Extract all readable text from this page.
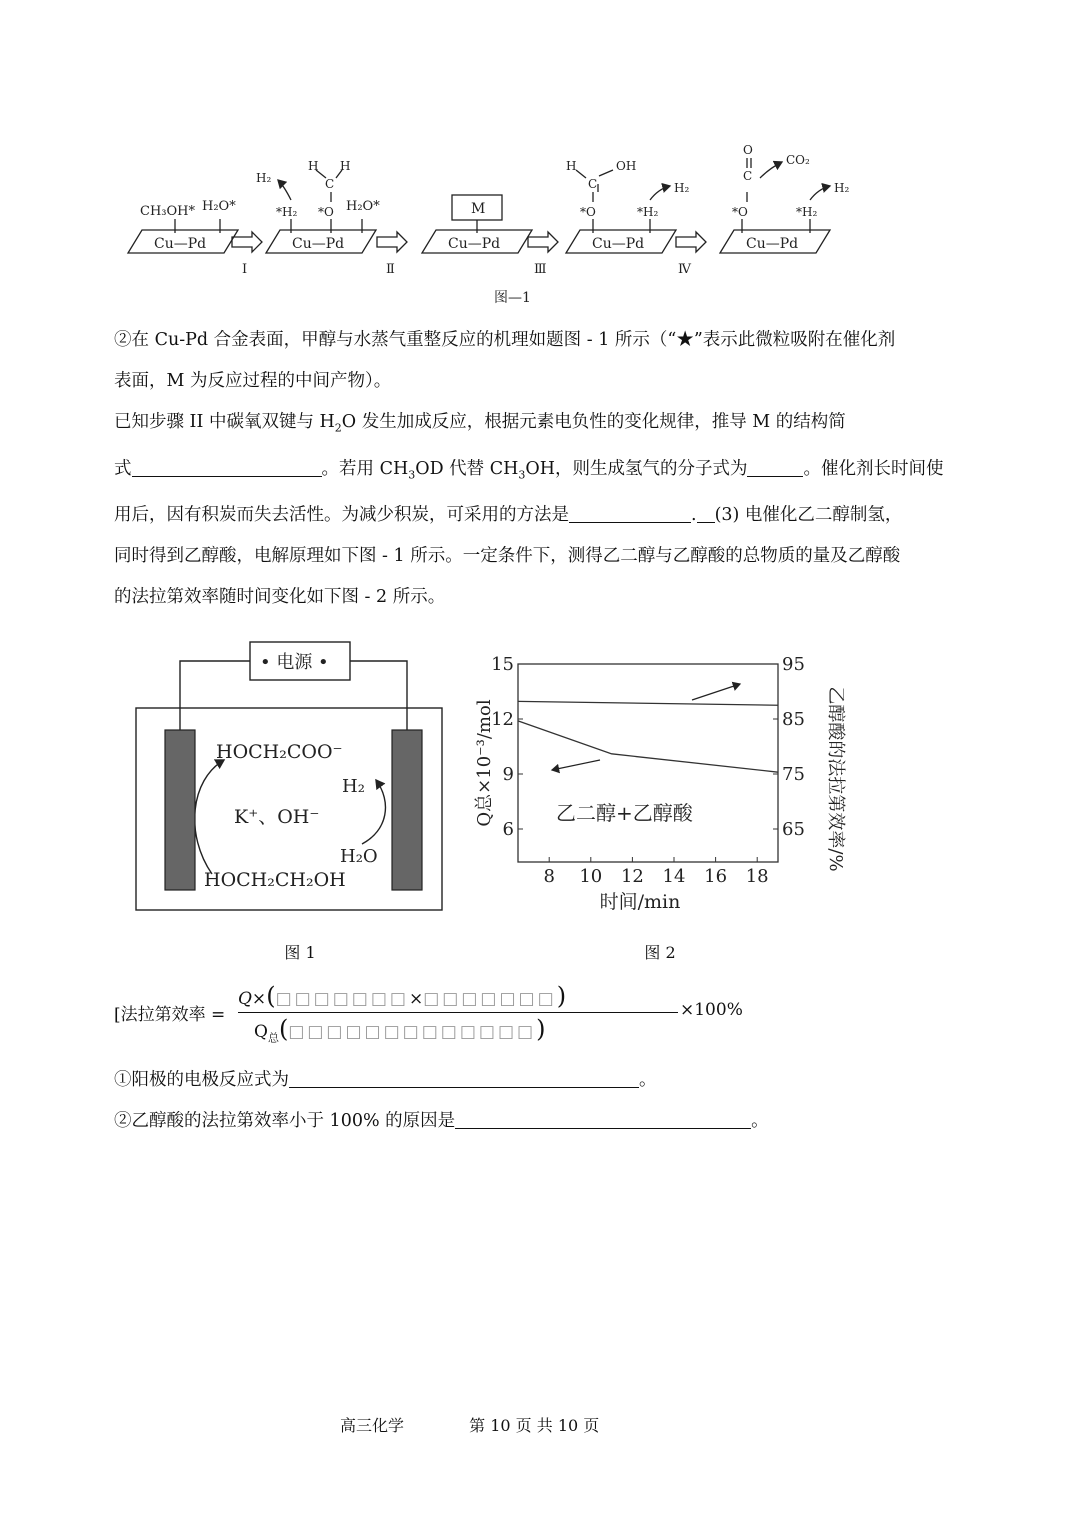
Cu—Pd	Cu—Pd	Cu—Pd	Cu—Pd	Cu—Pd
Ⅰ	Ⅱ	Ⅲ	Ⅳ
CH₃OH* H₂O*
H₂
*H₂
H
C
H
*O H₂O*	M
H
C
OH
*O
H₂
*H₂
O
C
CO₂
*O
H₂
*H₂
图—1
②在 Cu-Pd 合金表面，甲醇与水蒸气重整反应的机理如题图 - 1 所示（“★”表示此微粒吸附在催化剂
表面，M 为反应过程的中间产物）。
已知步骤 II 中碳氧双键与 $H_2O$ 发生加成反应，根据元素电负性的变化规律，推导 M 的结构简
式	。若用 $CH_3OD$ 代替 $CH_3OH$，则生成氢气的分子式为	。催化剂长时间使
用后，因有积炭而失去活性。为减少积炭，可采用的方法是	. (3) 电催化乙二醇制氢，
同时得到乙醇酸，电解原理如下图 - 1 所示。一定条件下，测得乙二醇与乙醇酸的总物质的量及乙醇酸
的法拉第效率随时间变化如下图 - 2 所示。
• 电源 •
HOCH₂COO⁻
K⁺、OH⁻
HOCH₂CH₂OH
H₂
H₂O
图 1
8 10 12 14 16 18
6
9
12
15
65
75
85
95
乙二醇+乙醇酸
时间/min
Q总×10⁻³/mol	乙醇酸的法拉第效率/%
图 2
[法拉第效率 =
Q×(□□□□□□□×□□□□□□□)
$Q_总(□□□□□□□□□□□□□)$
×100%
①阳极的电极反应式为	。
②乙醇酸的法拉第效率小于 100% 的原因是	。
高三化学	第 10 页 共 10 页
